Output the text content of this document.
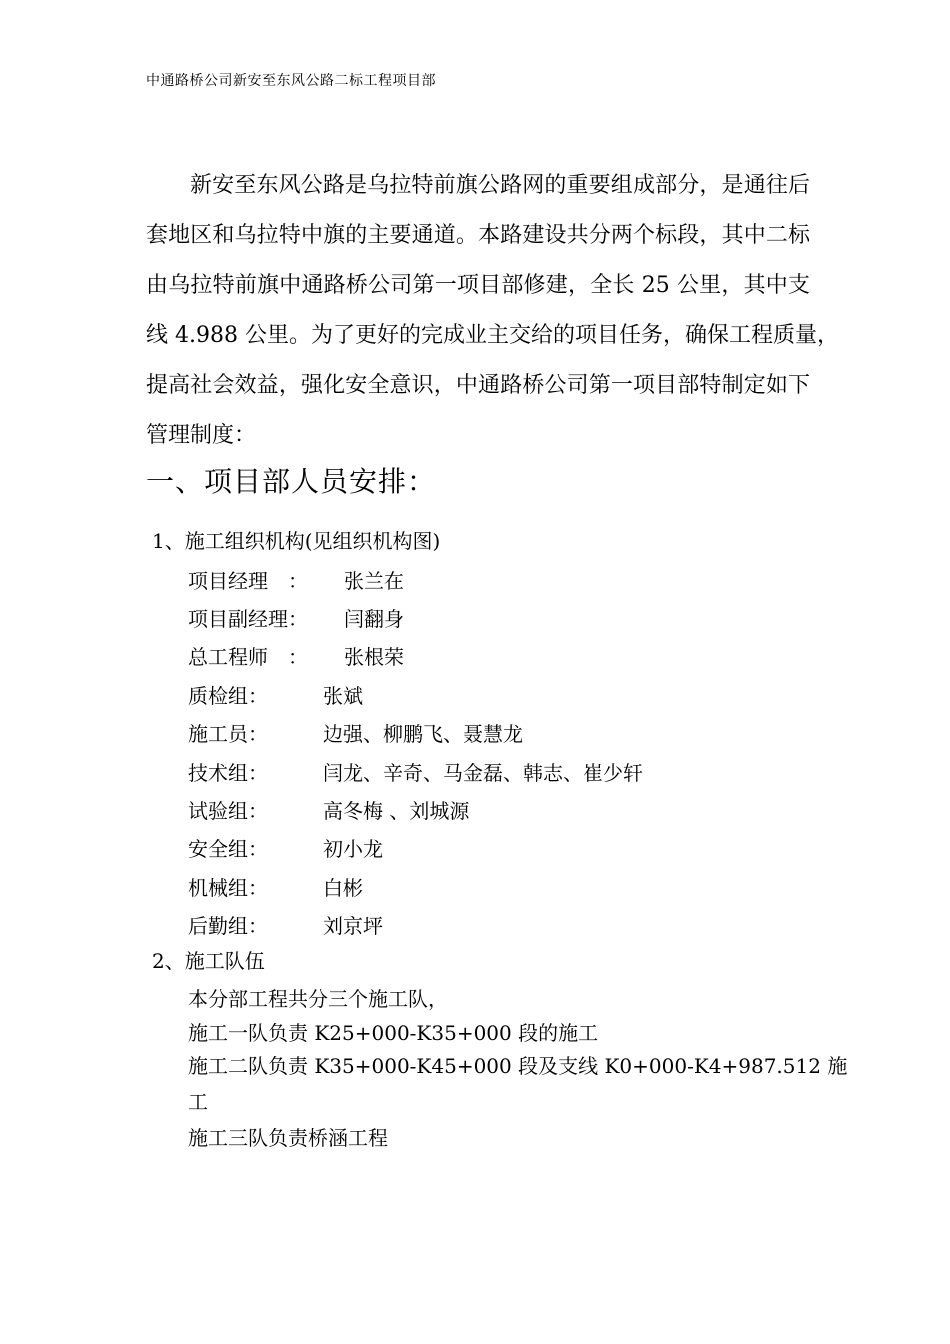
中通路桥公司新安至东风公路二标工程项目部
新安至东风公路是乌拉特前旗公路网的重要组成部分，是通往后
套地区和乌拉特中旗的主要通道。本路建设共分两个标段，其中二标
由乌拉特前旗中通路桥公司第一项目部修建，全长 25 公里，其中支
线 4.988 公里。为了更好的完成业主交给的项目任务，确保工程质量，
提高社会效益，强化安全意识，中通路桥公司第一项目部特制定如下
管理制度：
一、项目部人员安排：
1、施工组织机构(见组织机构图)
项目经理　： 张兰在
项目副经理： 闫翻身
总工程师　： 张根荣
质检组：	张斌
施工员：	边强、柳鹏飞、聂慧龙
技术组：	闫龙、辛奇、马金磊、韩志、崔少轩
试验组：	高冬梅 、刘城源
安全组：	初小龙
机械组：	白彬
后勤组：	刘京坪
2、施工队伍
本分部工程共分三个施工队，
施工一队负责 K25+000-K35+000 段的施工
施工二队负责 K35+000-K45+000 段及支线 K0+000-K4+987.512 施
工
施工三队负责桥涵工程
